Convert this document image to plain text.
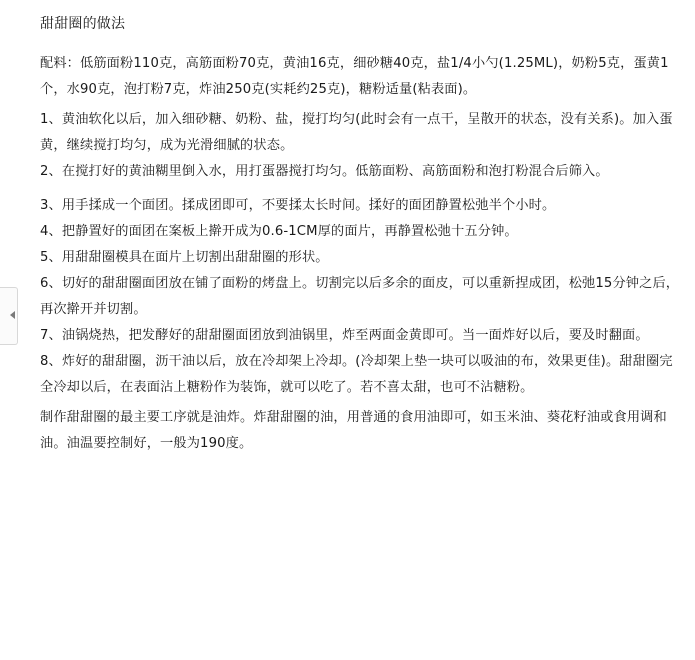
甜甜圈的做法

配料：低筋面粉110克，高筋面粉70克，黄油16克，细砂糖40克，盐1/4小勺(1.25ML)，奶粉5克，蛋黄1个，水90克，泡打粉7克，炸油250克(实耗约25克)，糖粉适量(粘表面)。

1、黄油软化以后，加入细砂糖、奶粉、盐，搅打均匀(此时会有一点干，呈散开的状态，没有关系)。加入蛋黄，继续搅打均匀，成为光滑细腻的状态。

2、在搅打好的黄油糊里倒入水，用打蛋器搅打均匀。低筋面粉、高筋面粉和泡打粉混合后筛入。

3、用手揉成一个面团。揉成团即可，不要揉太长时间。揉好的面团静置松弛半个小时。

4、把静置好的面团在案板上擀开成为0.6-1CM厚的面片，再静置松弛十五分钟。

5、用甜甜圈模具在面片上切割出甜甜圈的形状。

6、切好的甜甜圈面团放在铺了面粉的烤盘上。切割完以后多余的面皮，可以重新捏成团，松弛15分钟之后，再次擀开并切割。

7、油锅烧热，把发酵好的甜甜圈面团放到油锅里，炸至两面金黄即可。当一面炸好以后，要及时翻面。

8、炸好的甜甜圈，沥干油以后，放在冷却架上冷却。(冷却架上垫一块可以吸油的布，效果更佳)。甜甜圈完全冷却以后，在表面沾上糖粉作为装饰，就可以吃了。若不喜太甜，也可不沾糖粉。

制作甜甜圈的最主要工序就是油炸。炸甜甜圈的油，用普通的食用油即可，如玉米油、葵花籽油或食用调和油。油温要控制好，一般为190度。
